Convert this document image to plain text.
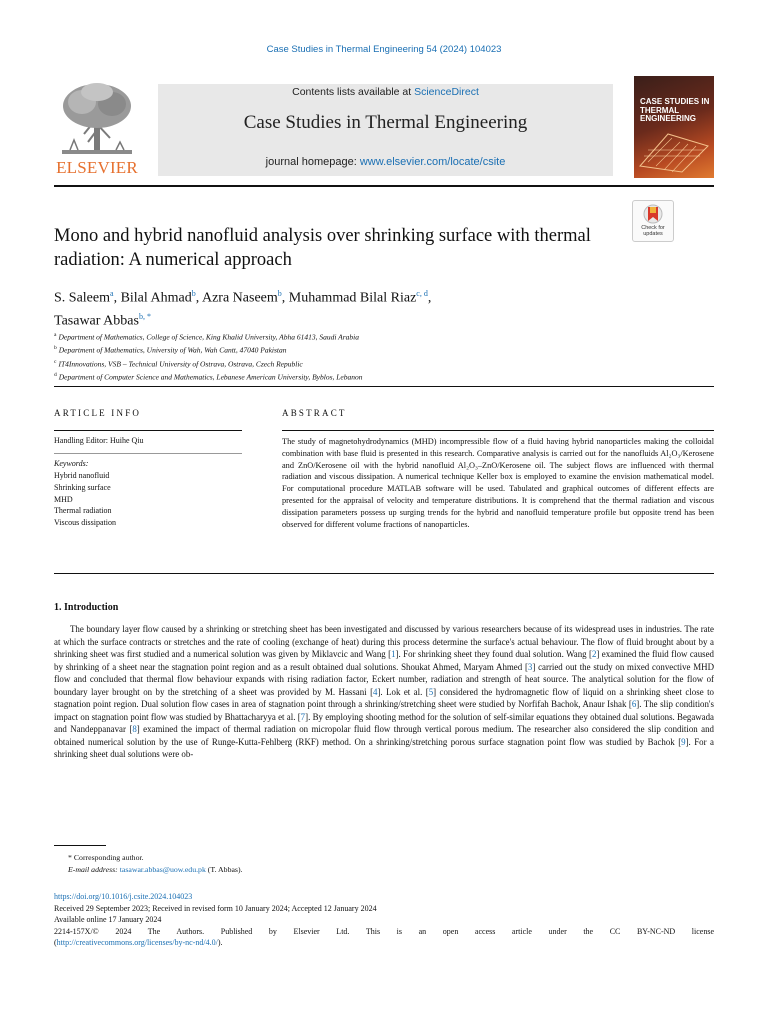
Case Studies in Thermal Engineering 54 (2024) 104023
ELSEVIER
Contents lists available at ScienceDirect
Case Studies in Thermal Engineering
journal homepage: www.elsevier.com/locate/csite
CASE STUDIES IN THERMAL ENGINEERING
Check for updates
Mono and hybrid nanofluid analysis over shrinking surface with thermal radiation: A numerical approach
S. Saleem$^a$, Bilal Ahmad$^b$, Azra Naseem$^b$, Muhammad Bilal Riaz$^{c, d}$,
Tasawar Abbas$^{b, *}$
$^a$ Department of Mathematics, College of Science, King Khalid University, Abha 61413, Saudi Arabia
$^b$ Department of Mathematics, University of Wah, Wah Cantt, 47040 Pakistan
$^c$ IT4Innovations, VSB – Technical University of Ostrava, Ostrava, Czech Republic
$^d$ Department of Computer Science and Mathematics, Lebanese American University, Byblos, Lebanon
ARTICLE INFO	ABSTRACT
Handling Editor: Huihe Qiu
Keywords:
Hybrid nanofluid
Shrinking surface
MHD
Thermal radiation
Viscous dissipation
The study of magnetohydrodynamics (MHD) incompressible flow of a fluid having hybrid nanoparticles making the colloidal combination with base fluid is presented in this research. Comparative analysis is carried out for the nanofluids Al₂O₃/Kerosene and ZnO/Kerosene oil with the hybrid nanofluid Al₂O₃–ZnO/Kerosene oil. The subject flows are influenced with thermal radiation and viscous dissipation. A numerical technique Keller box is employed to examine the envision mathematical model. For computational procedure MATLAB software will be used. Tabulated and graphical outcomes of different effects are presented for the appraisal of velocity and temperature distributions. It is comprehend that the thermal radiation and viscous dissipation parameters possess up surging trends for the hybrid and nanofluid temperature profile but opposite trend has been observed for different volume fractions of nanoparticles.
1. Introduction
The boundary layer flow caused by a shrinking or stretching sheet has been investigated and discussed by various researchers because of its widespread uses in industries. The rate at which the surface contracts or stretches and the rate of cooling (exchange of heat) during this process determine the surface's actual behaviour. The flow of fluid brought about by a shrinking sheet was first studied and a numerical solution was given by Miklavcic and Wang [1]. For shrinking sheet they found dual solution. Wang [2] examined the fluid flow caused by shrinking of a sheet near the stagnation point region and as a result obtained dual solutions. Shoukat Ahmed, Maryam Ahmed [3] carried out the study on mixed convective MHD flow and concluded that thermal flow behaviour expands with rising radiation factor, Eckert number, radiation and strength of heat source. The analytical solution for the flow of boundary layer brought on by the stretching of a sheet was provided by M. Hassani [4]. Lok et al. [5] considered the hydromagnetic flow of liquid on a shrinking sheet close to stagnation point region. Dual solution flow cases in area of stagnation point through a shrinking/stretching sheet were studied by Norfifah Bachok, Anaur Ishak [6]. The slip condition's impact on stagnation point flow was studied by Bhattacharyya et al. [7]. By employing shooting method for the solution of self-similar equations they obtained dual solutions. Begawada and Nandeppanavar [8] examined the impact of thermal radiation on micropolar fluid flow through vertical porous medium. The researcher also considered the slip condition and obtained numerical solution by the use of Runge-Kutta-Fehlberg (RKF) method. On a shrinking/stretching porous surface stagnation point flow was studied by Bachok [9]. For a shrinking sheet dual solutions were ob-
* Corresponding author.
E-mail address: tasawar.abbas@uow.edu.pk (T. Abbas).
https://doi.org/10.1016/j.csite.2024.104023
Received 29 September 2023; Received in revised form 10 January 2024; Accepted 12 January 2024
Available online 17 January 2024
2214-157X/© 2024 The Authors. Published by Elsevier Ltd. This is an open access article under the CC BY-NC-ND license
(http://creativecommons.org/licenses/by-nc-nd/4.0/).
